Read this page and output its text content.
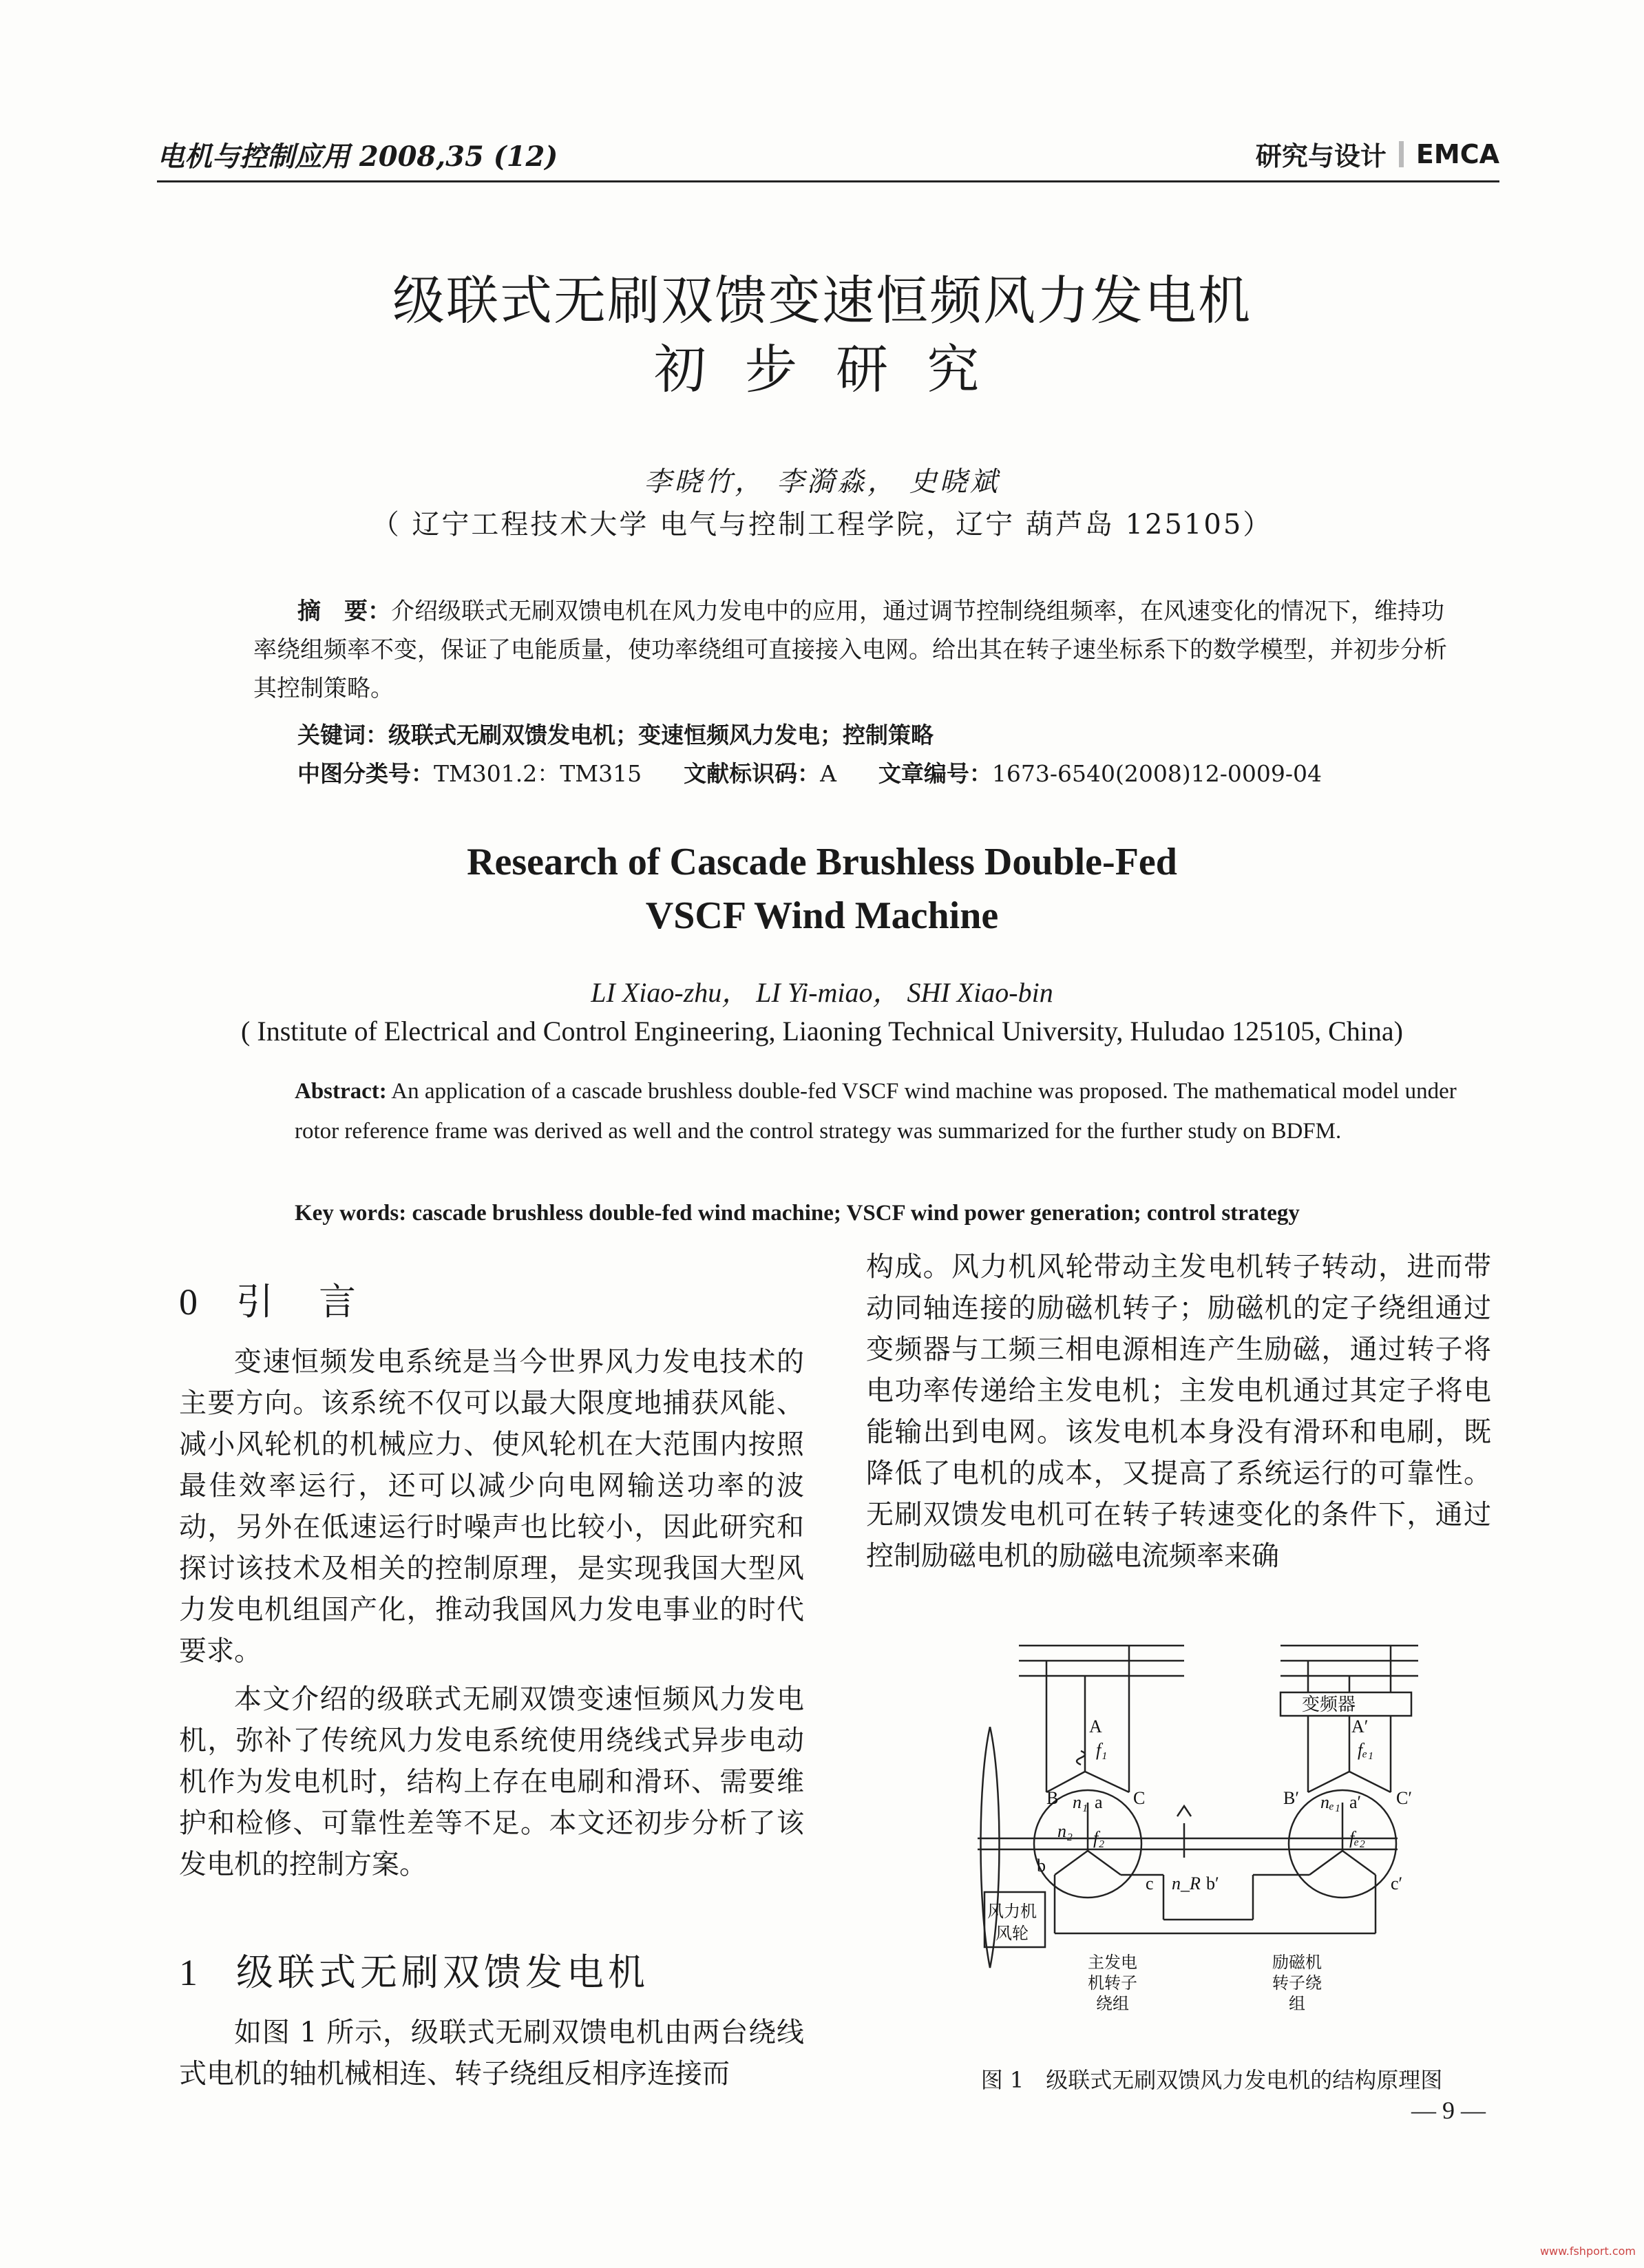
电机与控制应用 2008,35 (12)	研究与设计 EMCA
级联式无刷双馈变速恒频风力发电机
初 步 研 究
李晓竹， 李漪淼， 史晓斌
（ 辽宁工程技术大学 电气与控制工程学院，辽宁 葫芦岛 125105）
摘　要：介绍级联式无刷双馈电机在风力发电中的应用，通过调节控制绕组频率，在风速变化的情况下，维持功率绕组频率不变，保证了电能质量，使功率绕组可直接接入电网。给出其在转子速坐标系下的数学模型，并初步分析其控制策略。
关键词：级联式无刷双馈发电机；变速恒频风力发电；控制策略
中图分类号：TM301.2：TM315 文献标识码：A 文章编号：1673-6540(2008)12-0009-04
Research of Cascade Brushless Double-Fed
VSCF Wind Machine
LI Xiao-zhu， LI Yi-miao， SHI Xiao-bin
( Institute of Electrical and Control Engineering, Liaoning Technical University, Huludao 125105, China)
Abstract: An application of a cascade brushless double-fed VSCF wind machine was proposed. The mathematical model under rotor reference frame was derived as well and the control strategy was summarized for the further study on BDFM.
Key words: cascade brushless double-fed wind machine; VSCF wind power generation; control strategy
0 引　言

变速恒频发电系统是当今世界风力发电技术的主要方向。该系统不仅可以最大限度地捕获风能、减小风轮机的机械应力、使风轮机在大范围内按照最佳效率运行，还可以减少向电网输送功率的波动，另外在低速运行时噪声也比较小，因此研究和探讨该技术及相关的控制原理，是实现我国大型风力发电机组国产化，推动我国风力发电事业的时代要求。

本文介绍的级联式无刷双馈变速恒频风力发电机，弥补了传统风力发电系统使用绕线式异步电动机作为发电机时，结构上存在电刷和滑环、需要维护和检修、可靠性差等不足。本文还初步分析了该发电机的控制方案。

1 级联式无刷双馈发电机

如图 1 所示，级联式无刷双馈电机由两台绕线式电机的轴机械相连、转子绕组反相序连接而

构成。风力机风轮带动主发电机转子转动，进而带动同轴连接的励磁机转子；励磁机的定子绕组通过变频器与工频三相电源相连产生励磁，通过转子将电功率传递给主发电机；主发电机通过其定子将电能输出到电网。该发电机本身没有滑环和电刷，既降低了电机的成本，又提高了系统运行的可靠性。无刷双馈发电机可在转子转速变化的条件下，通过控制励磁电机的励磁电流频率来确

变频器
A
f₁
B	C
A′
fₑ₁
B′	C′
n₁ a	nₑ₁ a′
n₂ f₂	fₑ₂
b
c n_R b′	c′
风力机
风轮
主发电
机转子
绕组
励磁机
转子绕
组
图 1　级联式无刷双馈风力发电机的结构原理图
— 9 —
www.fshport.com
